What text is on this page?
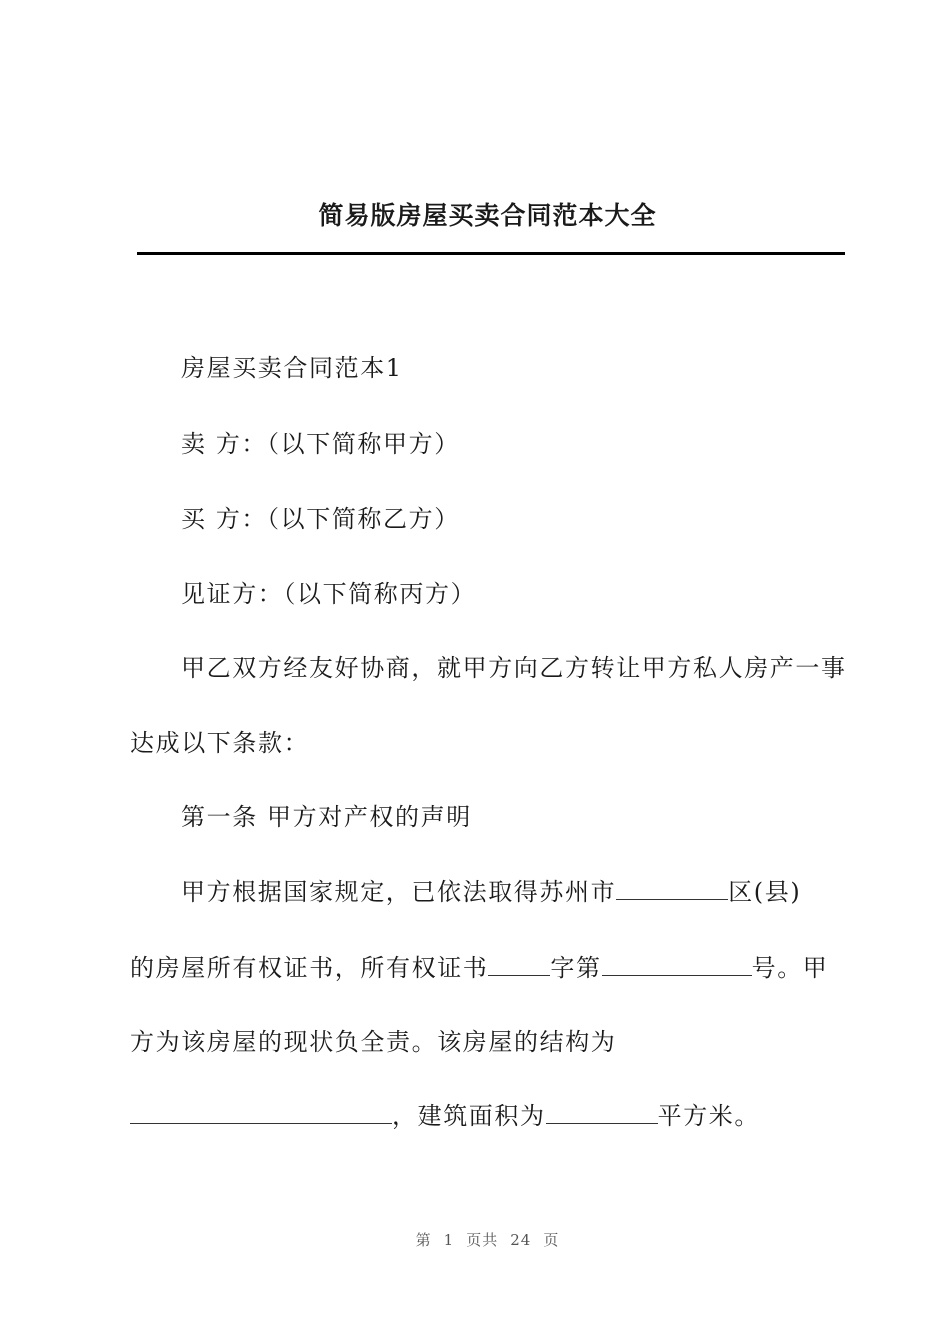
简易版房屋买卖合同范本大全
房屋买卖合同范本1
卖 方：（以下简称甲方）
买 方：（以下简称乙方）
见证方：（以下简称丙方）
甲乙双方经友好协商，就甲方向乙方转让甲方私人房产一事
达成以下条款：
第一条 甲方对产权的声明
甲方根据国家规定，已依法取得苏州市	区(县)
的房屋所有权证书，所有权证书	字第	号。甲
方为该房屋的现状负全责。该房屋的结构为
，建筑面积为	平方米。
第 1 页共 24 页
